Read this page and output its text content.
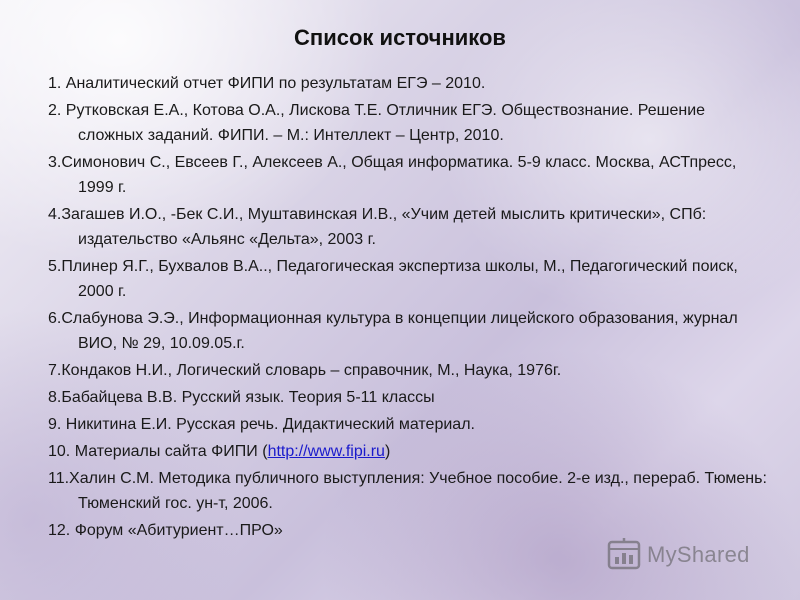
Список источников
1. Аналитический отчет ФИПИ по результатам ЕГЭ – 2010.
2. Рутковская Е.А., Котова О.А., Лискова Т.Е. Отличник ЕГЭ. Обществознание. Решение сложных заданий. ФИПИ. – М.: Интеллект – Центр, 2010.
3.Симонович С., Евсеев Г., Алексеев А., Общая информатика. 5-9 класс. Москва, АСТпресс, 1999 г.
4.Загашев И.О., -Бек С.И., Муштавинская И.В., «Учим детей мыслить критически», СПб: издательство «Альянс «Дельта», 2003 г.
5.Плинер Я.Г., Бухвалов В.А.., Педагогическая экспертиза школы, М., Педагогический поиск, 2000 г.
6.Слабунова Э.Э., Информационная культура в концепции лицейского образования, журнал ВИО, № 29, 10.09.05.г.
7.Кондаков Н.И., Логический словарь – справочник, М., Наука, 1976г.
8.Бабайцева В.В. Русский язык. Теория 5-11 классы
9. Никитина Е.И. Русская речь. Дидактический материал.
10. Материалы сайта ФИПИ (http://www.fipi.ru)
11.Халин С.М. Методика публичного выступления: Учебное пособие. 2-е изд., перераб. Тюмень: Тюменский гос. ун-т, 2006.
12. Форум «Абитуриент…ПРО»
MyShared
